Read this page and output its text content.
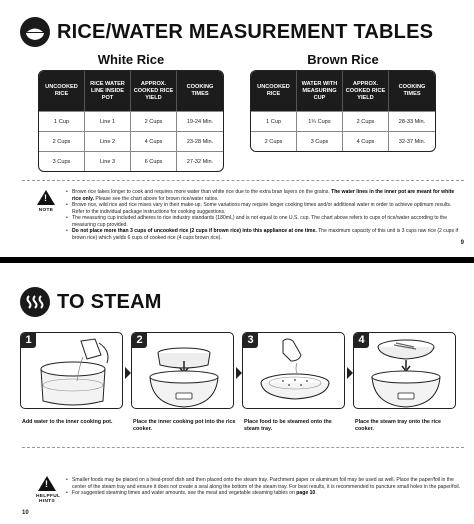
RICE/WATER MEASUREMENT TABLES
White Rice
UNCOOKED RICE	RICE WATER LINE INSIDE POT	APPROX. COOKED RICE YIELD	COOKING TIMES
1 Cup	Line 1	2 Cups	19-24 Min.
2 Cups	Line 2	4 Cups	23-28 Min.
3 Cups	Line 3	6 Cups	27-32 Min.
Brown Rice
UNCOOKED RICE	WATER WITH MEASURING CUP	APPROX. COOKED RICE YIELD	COOKING TIMES
1 Cup	1¾ Cups	2 Cups	28-33 Min.
2 Cups	3 Cups	4 Cups	32-37 Min.
!
NOTE
• Brown rice takes longer to cook and requires more water than white rice due to the extra bran layers on the grains. The water lines in the inner pot are meant for white rice only. Please see the chart above for brown rice/water ratios.
• Brown rice, wild rice and rice mixes vary in their make-up. Some variations may require longer cooking times and/or additional water in order to achieve optimum results. Refer to the individual package instructions for cooking suggestions.
• The measuring cup included adheres to rice industry standards (180mL) and is not equal to one U.S. cup. The chart above refers to cups of rice/water according to the measuring cup provided.
• Do not place more than 3 cups of uncooked rice (2 cups if brown rice) into this appliance at one time. The maximum capacity of this unit is 3 cups raw rice (2 cups if brown rice) which yields 6 cups of cooked rice (4 cups brown rice).
9
TO STEAM
1	2	3	4
Add water to the inner cooking pot.	Place the inner cooking pot into the rice cooker.
Place food to be steamed onto the steam tray.
Place the steam tray onto the rice cooker.
!
HELPFUL HINTS
• Smaller foods may be placed on a heat-proof dish and then placed onto the steam tray. Parchment paper or aluminum foil may be used as well. Place the paper/foil in the center of the steam tray and ensure it does not create a seal along the bottom of the steam tray. For best results, it is recommended to puncture small holes in the paper/foil.
• For suggested steaming times and water amounts, see the meat and vegetable steaming tables on page 10.
10
